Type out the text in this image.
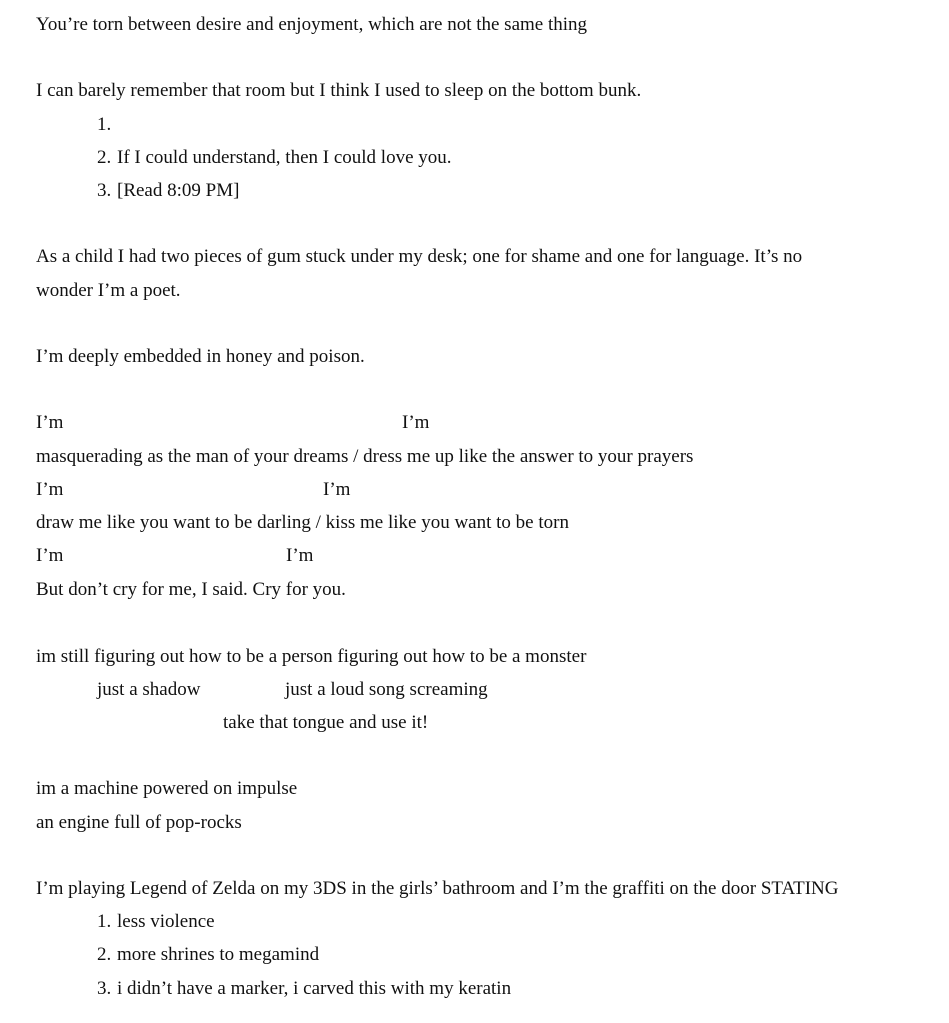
You’re torn between desire and enjoyment, which are not the same thing
I can barely remember that room but I think I used to sleep on the bottom bunk.
1.
2. If I could understand, then I could love you.
3. [Read 8:09 PM]
As a child I had two pieces of gum stuck under my desk; one for shame and one for language. It’s no
wonder I’m a poet.
I’m deeply embedded in honey and poison.
I’m	I’m
masquerading as the man of your dreams / dress me up like the answer to your prayers
I’m	I’m
draw me like you want to be darling / kiss me like you want to be torn
I’m	I’m
But don’t cry for me, I said. Cry for you.
im still figuring out how to be a person figuring out how to be a monster
just a shadow	just a loud song screaming
take that tongue and use it!
im a machine powered on impulse
an engine full of pop-rocks
I’m playing Legend of Zelda on my 3DS in the girls’ bathroom and I’m the graffiti on the door STATING
1. less violence
2. more shrines to megamind
3. i didn’t have a marker, i carved this with my keratin
